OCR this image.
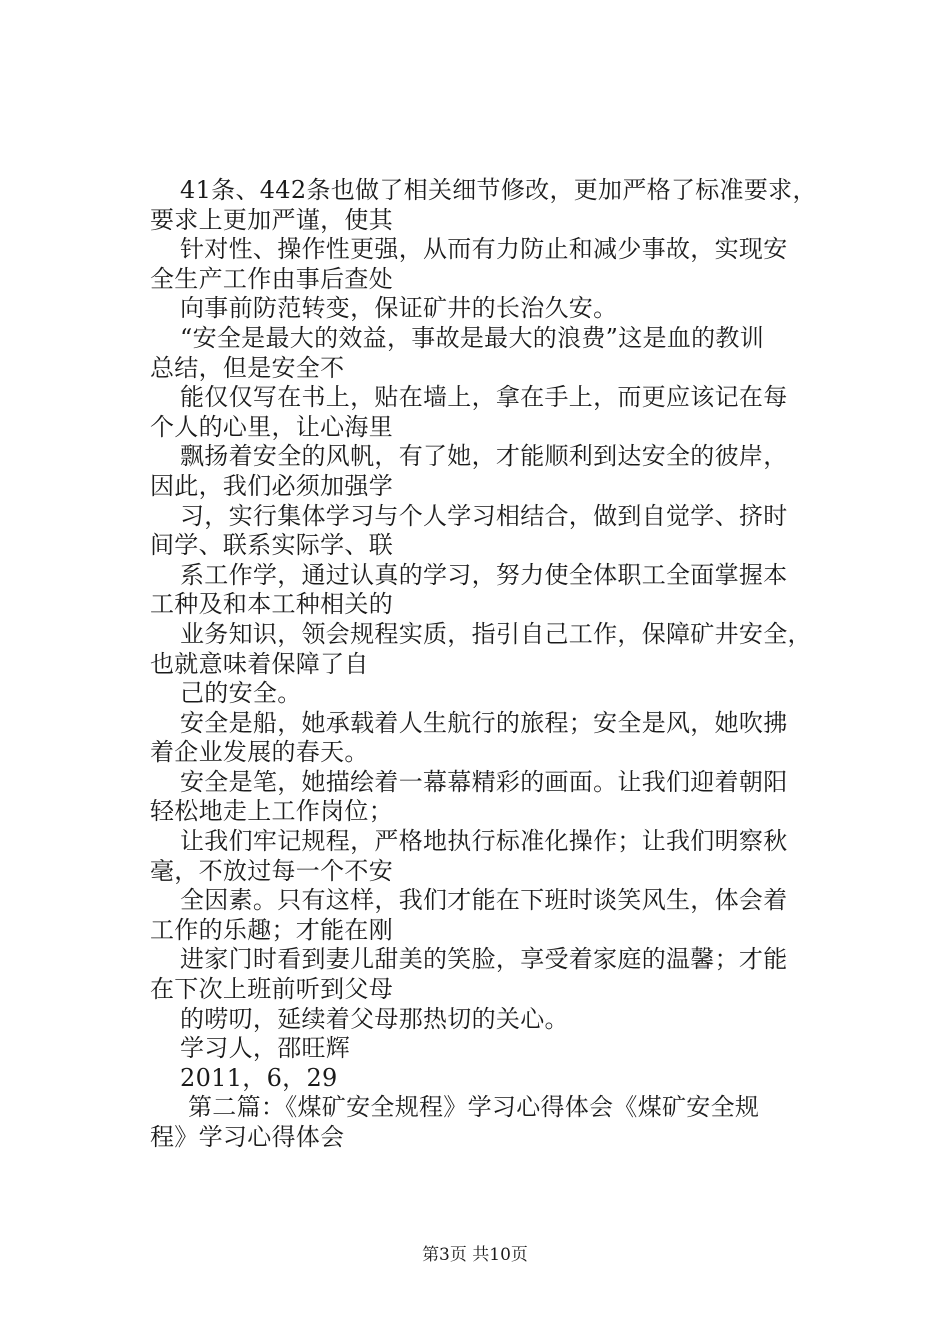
41条、442条也做了相关细节修改，更加严格了标准要求，
要求上更加严谨，使其
针对性、操作性更强，从而有力防止和减少事故，实现安
全生产工作由事后查处
向事前防范转变，保证矿井的长治久安。
“安全是最大的效益，事故是最大的浪费”这是血的教训
总结，但是安全不
能仅仅写在书上，贴在墙上，拿在手上，而更应该记在每
个人的心里，让心海里
飘扬着安全的风帆，有了她，才能顺利到达安全的彼岸，
因此，我们必须加强学
习，实行集体学习与个人学习相结合，做到自觉学、挤时
间学、联系实际学、联
系工作学，通过认真的学习，努力使全体职工全面掌握本
工种及和本工种相关的
业务知识，领会规程实质，指引自己工作，保障矿井安全，
也就意味着保障了自
己的安全。
安全是船，她承载着人生航行的旅程；安全是风，她吹拂
着企业发展的春天。
安全是笔，她描绘着一幕幕精彩的画面。让我们迎着朝阳
轻松地走上工作岗位；
让我们牢记规程，严格地执行标准化操作；让我们明察秋
毫，不放过每一个不安
全因素。只有这样，我们才能在下班时谈笑风生，体会着
工作的乐趣；才能在刚
进家门时看到妻儿甜美的笑脸，享受着家庭的温馨；才能
在下次上班前听到父母
的唠叨，延续着父母那热切的关心。
学习人，邵旺辉
2011，6，29
第二篇：《煤矿安全规程》学习心得体会《煤矿安全规
程》学习心得体会
第3页 共10页
